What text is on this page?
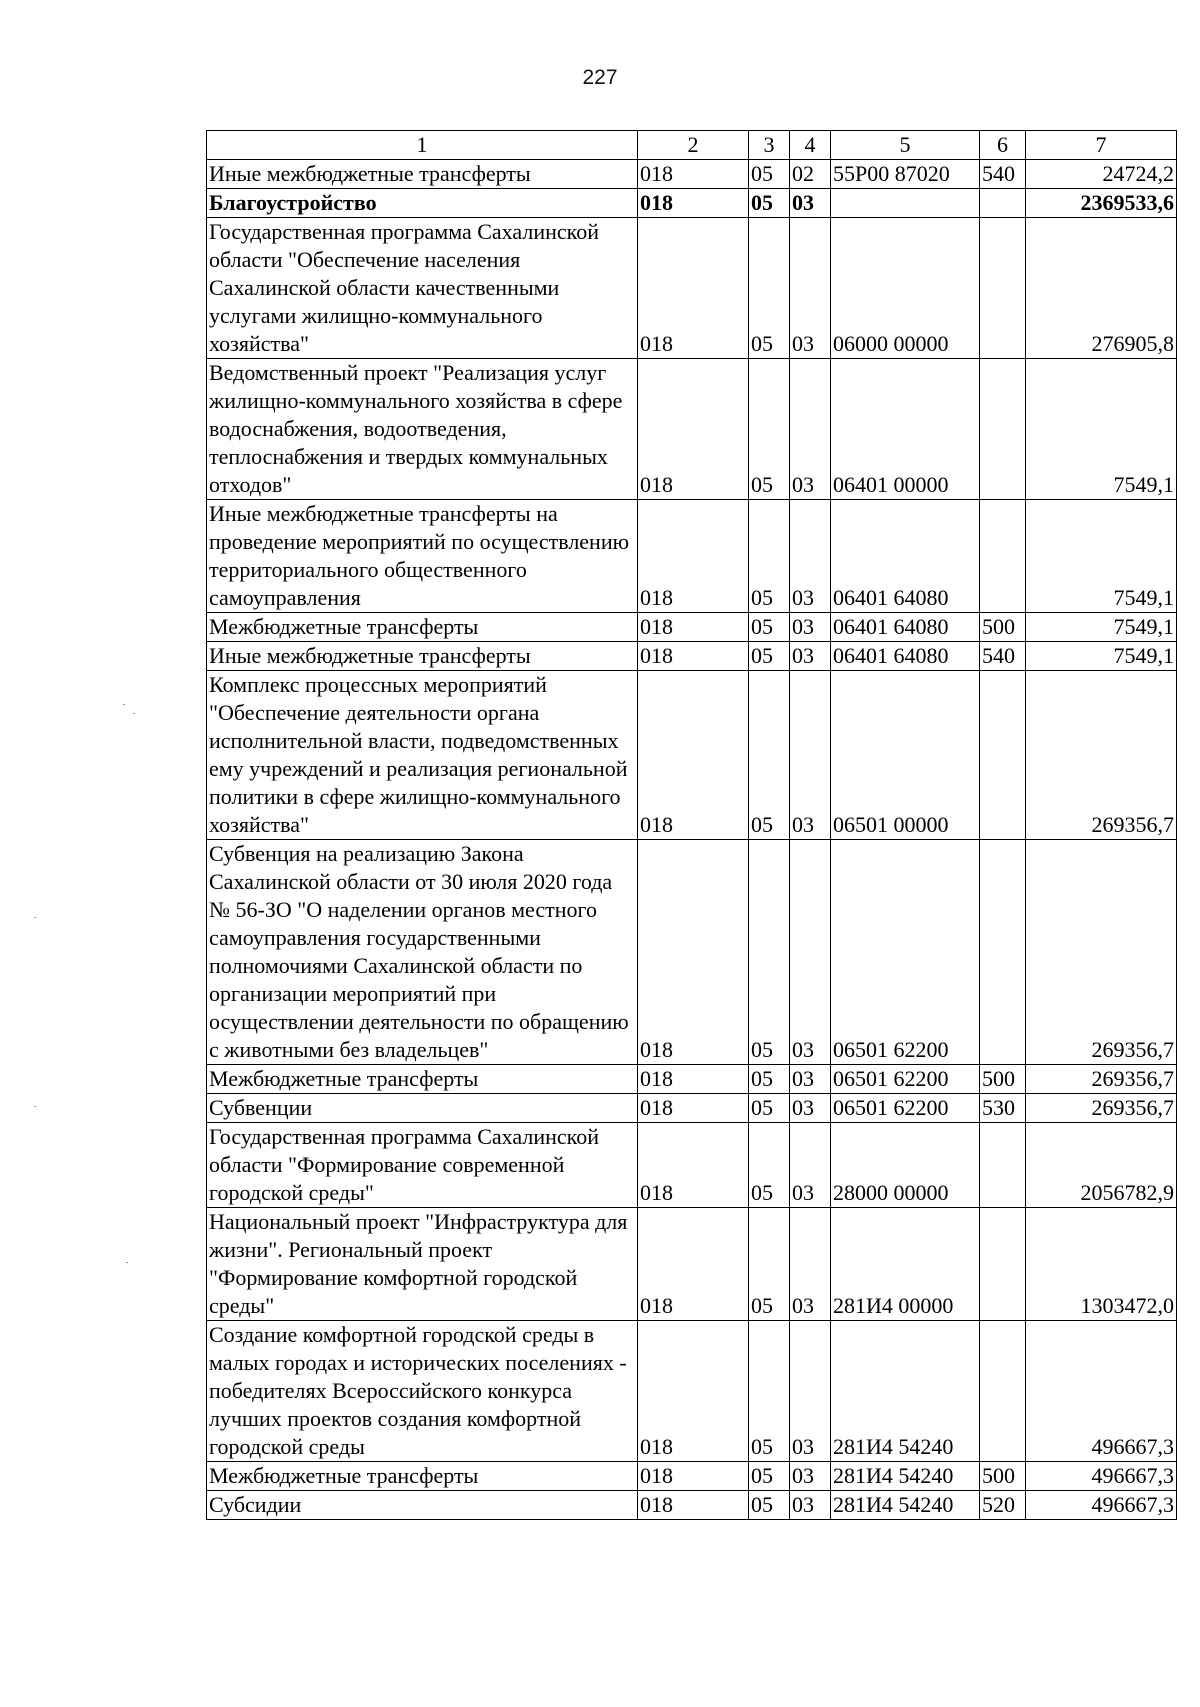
227
1	2	3	4	5	6	7
Иные межбюджетные трансферты	018	05	02	55Р00 87020	540	24724,2
Благоустройство	018	05	03			2369533,6
Государственная программа Сахалинской области "Обеспечение населения Сахалинской области качественными услугами жилищно-коммунального хозяйства"	018	05	03	06000 00000		276905,8
Ведомственный проект "Реализация услуг жилищно-коммунального хозяйства в сфере водоснабжения, водоотведения, теплоснабжения и твердых коммунальных отходов"	018	05	03	06401 00000		7549,1
Иные межбюджетные трансферты на проведение мероприятий по осуществлению территориального общественного самоуправления	018	05	03	06401 64080		7549,1
Межбюджетные трансферты	018	05	03	06401 64080	500	7549,1
Иные межбюджетные трансферты	018	05	03	06401 64080	540	7549,1
Комплекс процессных мероприятий "Обеспечение деятельности органа исполнительной власти, подведомственных ему учреждений и реализация региональной политики в сфере жилищно-коммунального хозяйства"	018	05	03	06501 00000		269356,7
Субвенция на реализацию Закона Сахалинской области от 30 июля 2020 года № 56-ЗО "О наделении органов местного самоуправления государственными полномочиями Сахалинской области по организации мероприятий при осуществлении деятельности по обращению с животными без владельцев"	018	05	03	06501 62200		269356,7
Межбюджетные трансферты	018	05	03	06501 62200	500	269356,7
Субвенции	018	05	03	06501 62200	530	269356,7
Государственная программа Сахалинской области "Формирование современной городской среды"	018	05	03	28000 00000		2056782,9
Национальный проект "Инфраструктура для жизни". Региональный проект "Формирование комфортной городской среды"	018	05	03	281И4 00000		1303472,0
Создание комфортной городской среды в малых городах и исторических поселениях - победителях Всероссийского конкурса лучших проектов создания комфортной городской среды	018	05	03	281И4 54240		496667,3
Межбюджетные трансферты	018	05	03	281И4 54240	500	496667,3
Субсидии	018	05	03	281И4 54240	520	496667,3
